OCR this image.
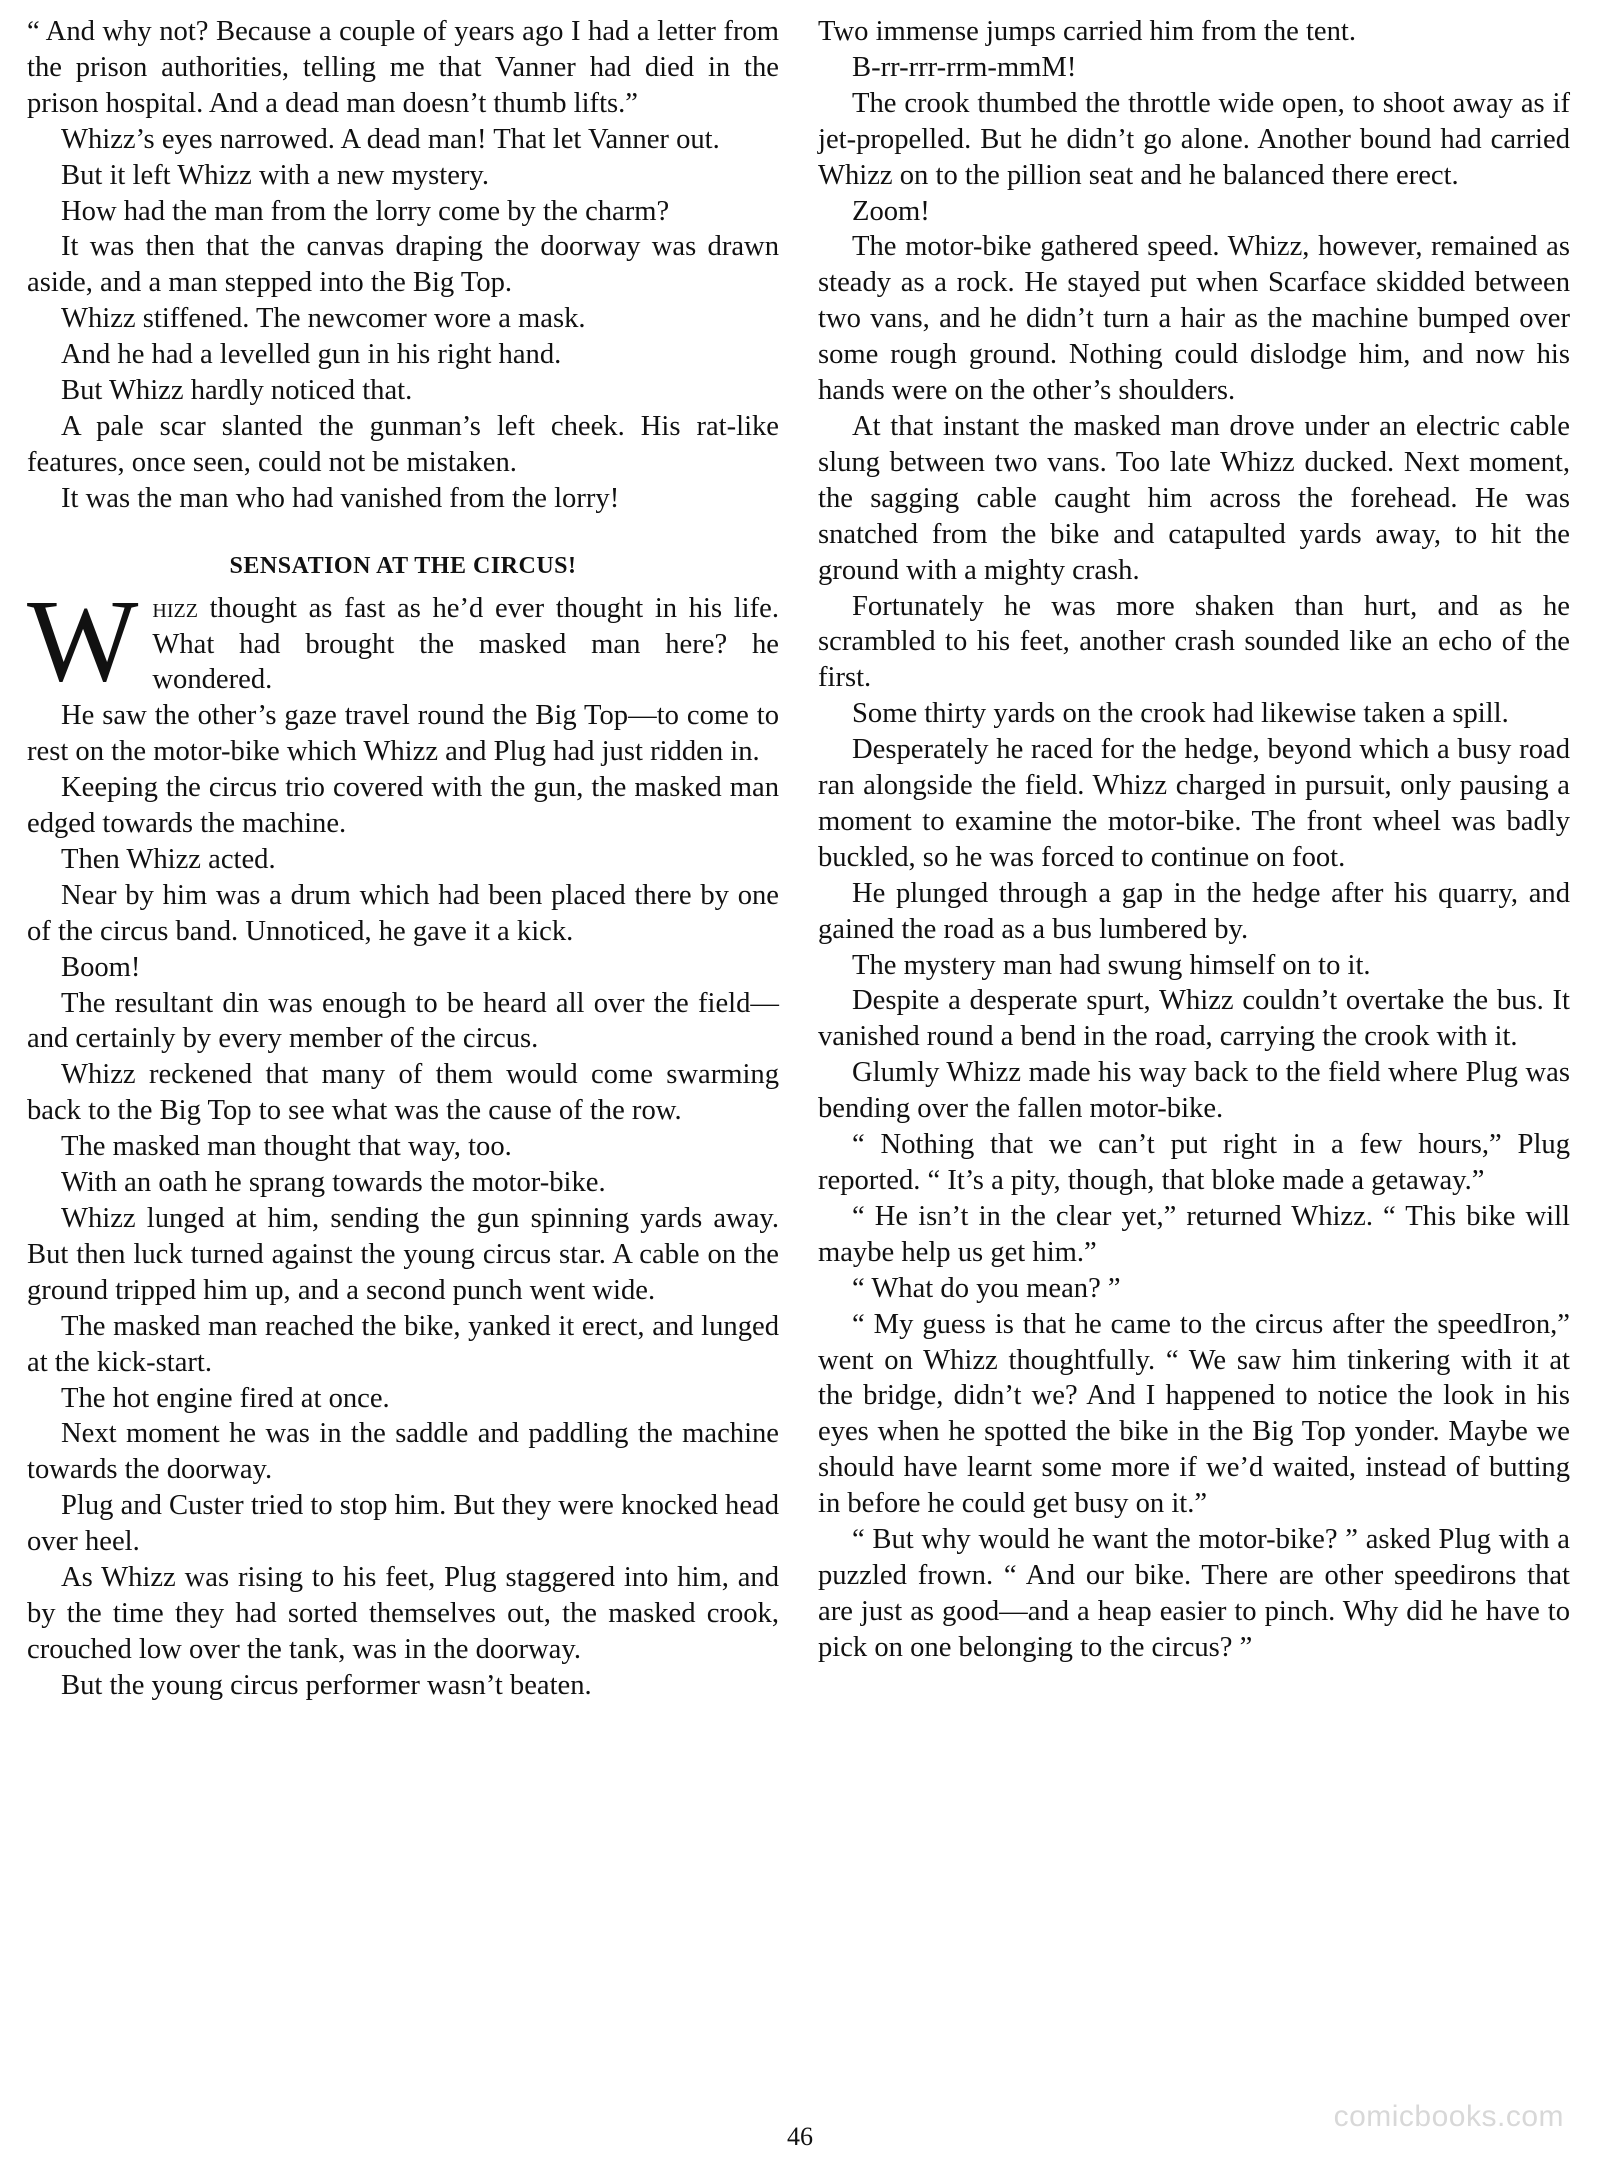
“ And why not? Because a couple of years ago I had a letter from the prison authorities, telling me that Vanner had died in the prison hospital. And a dead man doesn’t thumb lifts.”

Whizz’s eyes narrowed. A dead man! That let Vanner out.

But it left Whizz with a new mystery.

How had the man from the lorry come by the charm?

It was then that the canvas draping the doorway was drawn aside, and a man stepped into the Big Top.

Whizz stiffened. The newcomer wore a mask.

And he had a levelled gun in his right hand.

But Whizz hardly noticed that.

A pale scar slanted the gunman’s left cheek. His rat-like features, once seen, could not be mistaken.

It was the man who had vanished from the lorry!

SENSATION AT THE CIRCUS!

Whizz thought as fast as he’d ever thought in his life. What had brought the masked man here? he wondered.

He saw the other’s gaze travel round the Big Top—to come to rest on the motor-bike which Whizz and Plug had just ridden in.

Keeping the circus trio covered with the gun, the masked man edged towards the machine.

Then Whizz acted.

Near by him was a drum which had been placed there by one of the circus band. Unnoticed, he gave it a kick.

Boom!

The resultant din was enough to be heard all over the field—and certainly by every member of the circus.

Whizz reckened that many of them would come swarming back to the Big Top to see what was the cause of the row.

The masked man thought that way, too.

With an oath he sprang towards the motor-bike.

Whizz lunged at him, sending the gun spinning yards away. But then luck turned against the young circus star. A cable on the ground tripped him up, and a second punch went wide.

The masked man reached the bike, yanked it erect, and lunged at the kick-start.

The hot engine fired at once.

Next moment he was in the saddle and paddling the machine towards the doorway.

Plug and Custer tried to stop him. But they were knocked head over heel.

As Whizz was rising to his feet, Plug staggered into him, and by the time they had sorted themselves out, the masked crook, crouched low over the tank, was in the doorway.

But the young circus performer wasn’t beaten.

Two immense jumps carried him from the tent.

B-rr-rrr-rrm-mmM!

The crook thumbed the throttle wide open, to shoot away as if jet-propelled. But he didn’t go alone. Another bound had carried Whizz on to the pillion seat and he balanced there erect.

Zoom!

The motor-bike gathered speed. Whizz, however, remained as steady as a rock. He stayed put when Scarface skidded between two vans, and he didn’t turn a hair as the machine bumped over some rough ground. Nothing could dislodge him, and now his hands were on the other’s shoulders.

At that instant the masked man drove under an electric cable slung between two vans. Too late Whizz ducked. Next moment, the sagging cable caught him across the forehead. He was snatched from the bike and catapulted yards away, to hit the ground with a mighty crash.

Fortunately he was more shaken than hurt, and as he scrambled to his feet, another crash sounded like an echo of the first.

Some thirty yards on the crook had likewise taken a spill.

Desperately he raced for the hedge, beyond which a busy road ran alongside the field. Whizz charged in pursuit, only pausing a moment to examine the motor-bike. The front wheel was badly buckled, so he was forced to continue on foot.

He plunged through a gap in the hedge after his quarry, and gained the road as a bus lumbered by.

The mystery man had swung himself on to it.

Despite a desperate spurt, Whizz couldn’t overtake the bus. It vanished round a bend in the road, carrying the crook with it.

Glumly Whizz made his way back to the field where Plug was bending over the fallen motor-bike.

“ Nothing that we can’t put right in a few hours,” Plug reported. “ It’s a pity, though, that bloke made a getaway.”

“ He isn’t in the clear yet,” returned Whizz. “ This bike will maybe help us get him.”

“ What do you mean? ”

“ My guess is that he came to the circus after the speedIron,” went on Whizz thoughtfully. “ We saw him tinkering with it at the bridge, didn’t we? And I happened to notice the look in his eyes when he spotted the bike in the Big Top yonder. Maybe we should have learnt some more if we’d waited, instead of butting in before he could get busy on it.”

“ But why would he want the motor-bike? ” asked Plug with a puzzled frown. “ And our bike. There are other speedirons that are just as good—and a heap easier to pinch. Why did he have to pick on one belonging to the circus? ”

46
comicbooks.com
